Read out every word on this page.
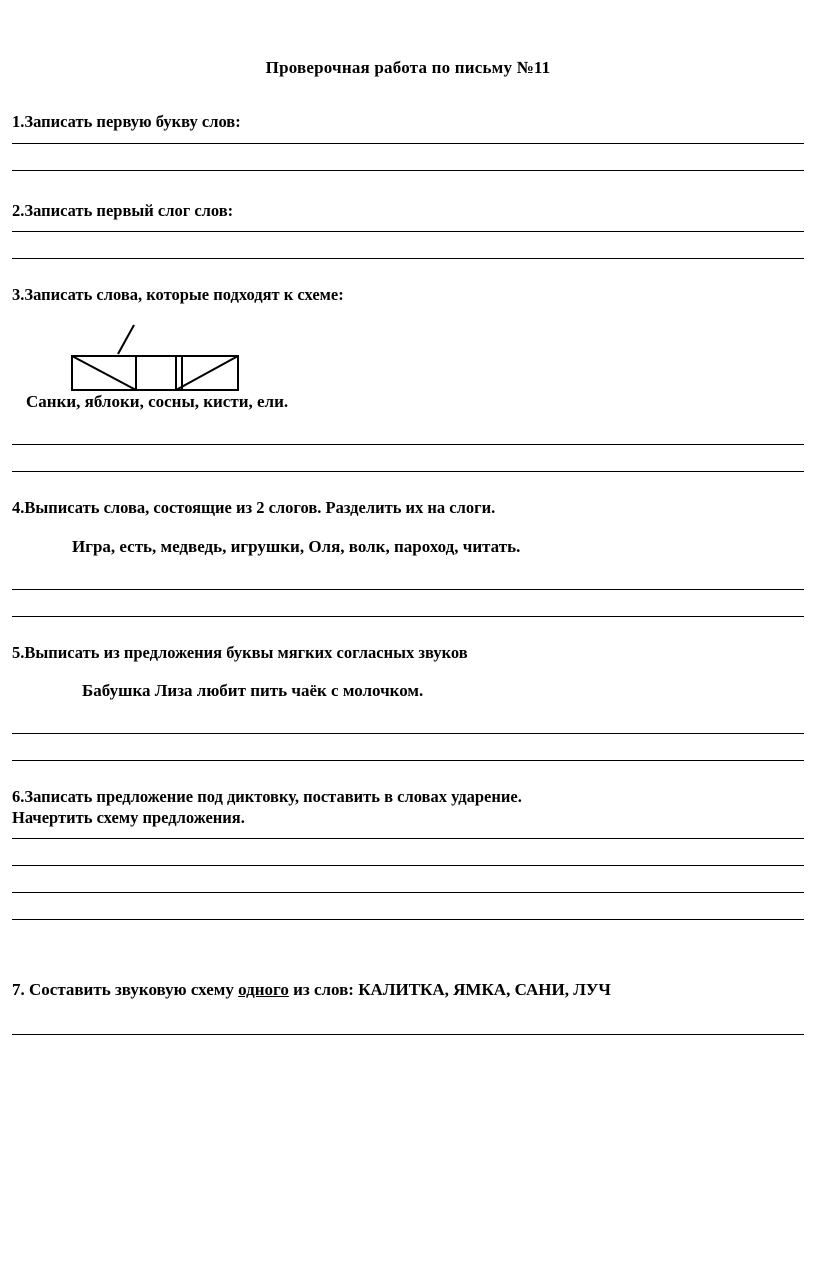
Проверочная работа по письму №11
1.Записать первую букву слов:
2.Записать первый слог слов:
3.Записать слова, которые подходят к схеме:
Санки, яблоки, сосны, кисти, ели.
4.Выписать слова, состоящие из 2 слогов. Разделить их на слоги.
Игра, есть, медведь, игрушки, Оля, волк, пароход, читать.
5.Выписать из предложения буквы мягких согласных звуков
Бабушка Лиза любит пить чаёк с молочком.
6.Записать предложение под диктовку, поставить в словах ударение.
Начертить схему предложения.
7. Составить звуковую схему одного из слов: КАЛИТКА, ЯМКА, САНИ, ЛУЧ
